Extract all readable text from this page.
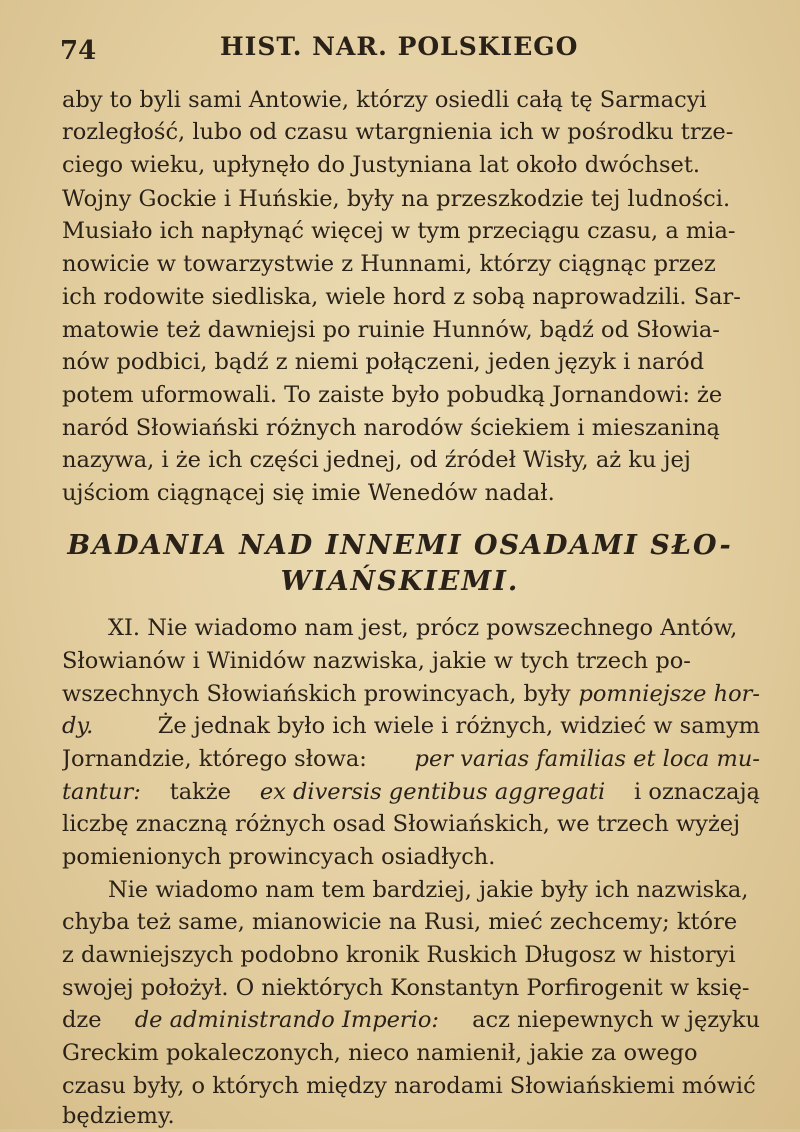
74	HIST. NAR. POLSKIEGO
aby to byli sami Antowie, którzy osiedli całą tę Sarmacyi
rozległość, lubo od czasu wtargnienia ich w pośrodku trze-
ciego wieku, upłynęło do Justyniana lat około dwóchset.
Wojny Gockie i Huńskie, były na przeszkodzie tej ludności.
Musiało ich napłynąć więcej w tym przeciągu czasu, a mia-
nowicie w towarzystwie z Hunnami, którzy ciągnąc przez
ich rodowite siedliska, wiele hord z sobą naprowadzili. Sar-
matowie też dawniejsi po ruinie Hunnów, bądź od Słowia-
nów podbici, bądź z niemi połączeni, jeden język i naród
potem uformowali. To zaiste było pobudką Jornandowi: że
naród Słowiański różnych narodów ściekiem i mieszaniną
nazywa, i że ich części jednej, od źródeł Wisły, aż ku jej
ujściom ciągnącej się imie Wenedów nadał.
BADANIA NAD INNEMI OSADAMI SŁO-
WIAŃSKIEMI.
XI. Nie wiadomo nam jest, prócz powszechnego Antów,
Słowianów i Winidów nazwiska, jakie w tych trzech po-
wszechnych Słowiańskich prowincyach, były pomniejsze hor-
dy.	Że jednak było ich wiele i różnych, widzieć w samym
Jornandzie, którego słowa: per varias familias et loca mu-
tantur: także ex diversis gentibus aggregati i oznaczają
liczbę znaczną różnych osad Słowiańskich, we trzech wyżej
pomienionych prowincyach osiadłych.
Nie wiadomo nam tem bardziej, jakie były ich nazwiska,
chyba też same, mianowicie na Rusi, mieć zechcemy; które
z dawniejszych podobno kronik Ruskich Długosz w historyi
swojej położył. O niektórych Konstantyn Porfirogenit w księ-
dze de administrando Imperio: acz niepewnych w języku
Greckim pokaleczonych, nieco namienił, jakie za owego
czasu były, o których między narodami Słowiańskiemi mówić
będziemy.
